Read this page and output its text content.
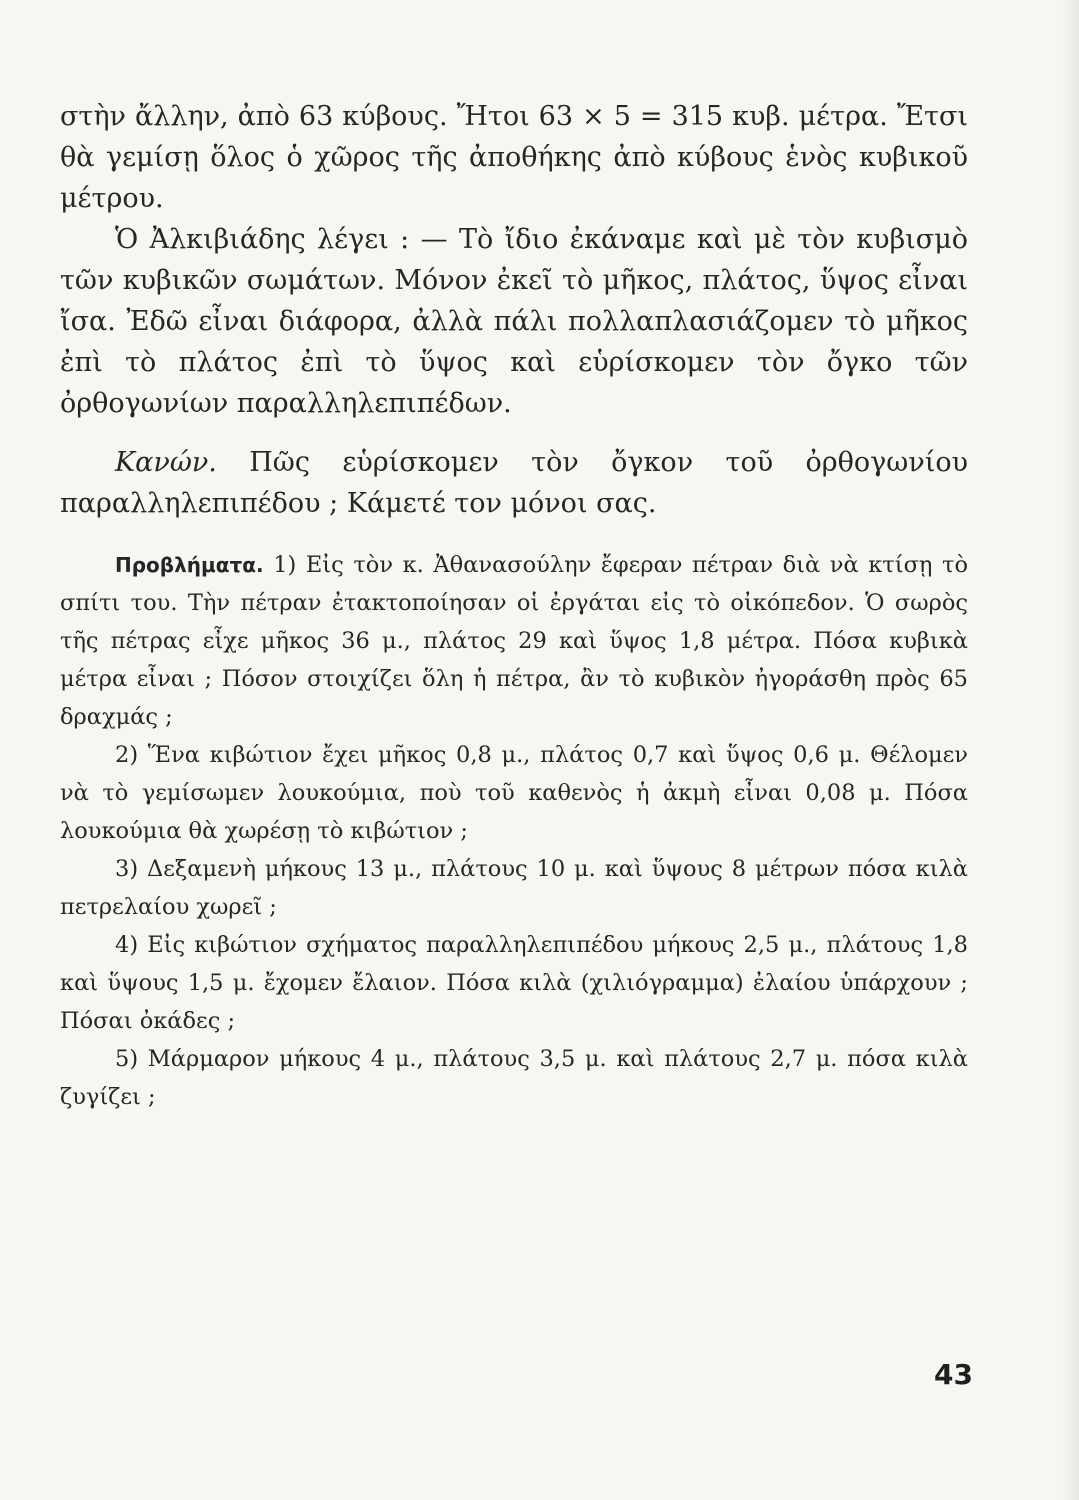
στὴν ἄλλην, ἀπὸ 63 κύβους. Ἤτοι 63 × 5 = 315 κυβ. μέτρα. Ἔτσι θὰ γεμίσῃ ὅλος ὁ χῶρος τῆς ἀποθήκης ἀπὸ κύβους ἑνὸς κυβικοῦ μέτρου.

Ὁ Ἀλκιβιάδης λέγει : — Τὸ ἴδιο ἐκάναμε καὶ μὲ τὸν κυβισμὸ τῶν κυβικῶν σωμάτων. Μόνον ἐκεῖ τὸ μῆκος, πλάτος, ὕψος εἶναι ἴσα. Ἐδῶ εἶναι διάφορα, ἀλλὰ πάλι πολλαπλασιάζομεν τὸ μῆκος ἐπὶ τὸ πλάτος ἐπὶ τὸ ὕψος καὶ εὑρίσκομεν τὸν ὄγκο τῶν ὀρθογωνίων παραλληλεπιπέδων.

Κανών. Πῶς εὑρίσκομεν τὸν ὄγκον τοῦ ὀρθογωνίου παραλληλεπιπέδου ; Κάμετέ τον μόνοι σας.

Προβλήματα. 1) Εἰς τὸν κ. Ἀθανασούλην ἔφεραν πέτραν διὰ νὰ κτίσῃ τὸ σπίτι του. Τὴν πέτραν ἐτακτοποίησαν οἱ ἐργάται εἰς τὸ οἰκόπεδον. Ὁ σωρὸς τῆς πέτρας εἶχε μῆκος 36 μ., πλάτος 29 καὶ ὕψος 1,8 μέτρα. Πόσα κυβικὰ μέτρα εἶναι ; Πόσον στοιχίζει ὅλη ἡ πέτρα, ἂν τὸ κυβικὸν ἠγοράσθη πρὸς 65 δραχμάς ;

2) Ἕνα κιβώτιον ἔχει μῆκος 0,8 μ., πλάτος 0,7 καὶ ὕψος 0,6 μ. Θέλομεν νὰ τὸ γεμίσωμεν λουκούμια, ποὺ τοῦ καθενὸς ἡ ἀκμὴ εἶναι 0,08 μ. Πόσα λουκούμια θὰ χωρέσῃ τὸ κιβώτιον ;

3) Δεξαμενὴ μήκους 13 μ., πλάτους 10 μ. καὶ ὕψους 8 μέτρων πόσα κιλὰ πετρελαίου χωρεῖ ;

4) Εἰς κιβώτιον σχήματος παραλληλεπιπέδου μήκους 2,5 μ., πλάτους 1,8 καὶ ὕψους 1,5 μ. ἔχομεν ἔλαιον. Πόσα κιλὰ (χιλιόγραμμα) ἐλαίου ὑπάρχουν ; Πόσαι ὀκάδες ;

5) Μάρμαρον μήκους 4 μ., πλάτους 3,5 μ. καὶ πλάτους 2,7 μ. πόσα κιλὰ ζυγίζει ;

43
